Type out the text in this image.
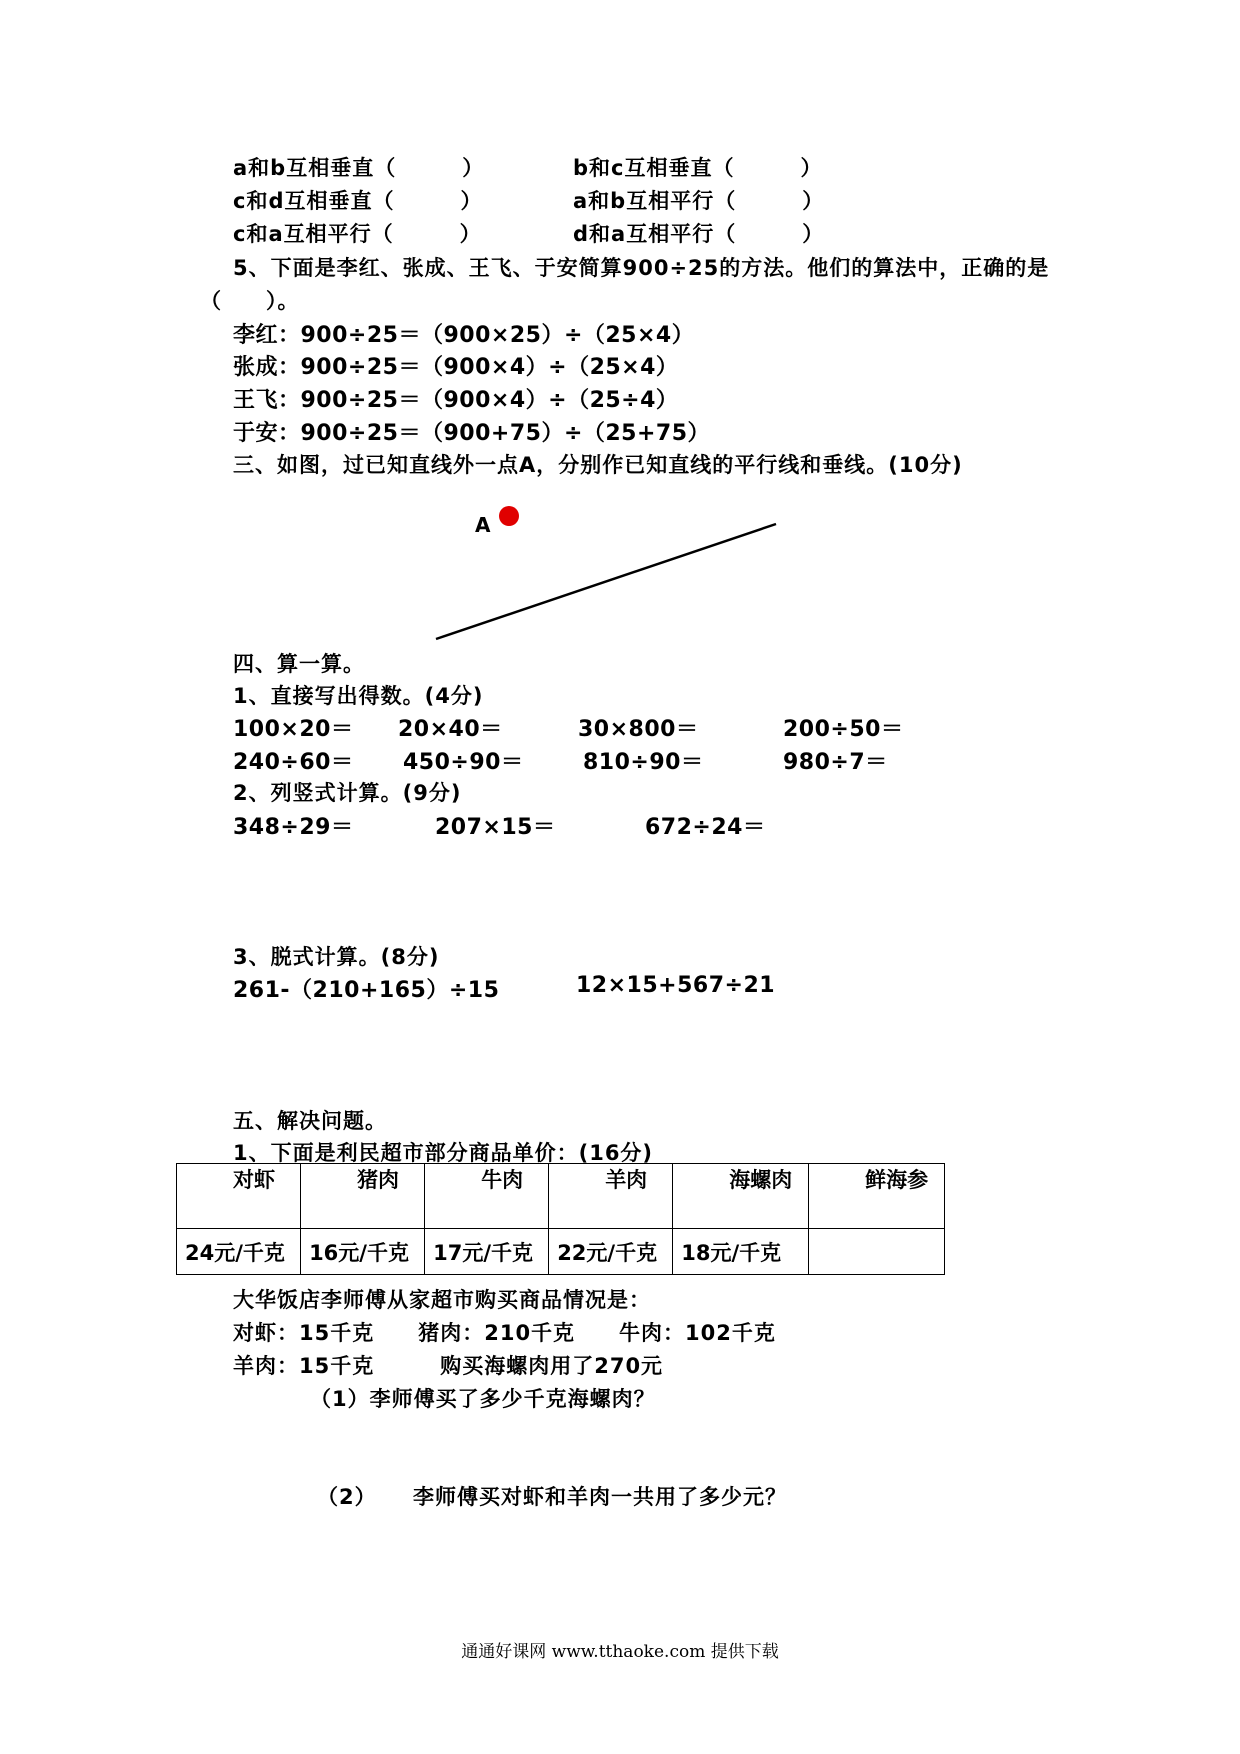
a和b互相垂直（　　　）	b和c互相垂直（　　　）
c和d互相垂直（　　　）	a和b互相平行（　　　）
c和a互相平行（　　　）	d和a互相平行（　　　）
5、下面是李红、张成、王飞、于安简算900÷25的方法。他们的算法中，正确的是
（　　）。
李红：900÷25＝（900×25）÷（25×4）
张成：900÷25＝（900×4）÷（25×4）
王飞：900÷25＝（900×4）÷（25÷4）
于安：900÷25＝（900+75）÷（25+75）
三、如图，过已知直线外一点A，分别作已知直线的平行线和垂线。(10分)
A
四、算一算。
1、直接写出得数。(4分)
100×20＝ 20×40＝	30×800＝	200÷50＝
240÷60＝ 450÷90＝	810÷90＝	980÷7＝
2、列竖式计算。(9分)
348÷29＝	207×15＝	672÷24＝
3、脱式计算。(8分)
261-（210+165）÷15	12×15+567÷21
五、解决问题。
1、下面是利民超市部分商品单价：(16分)
对虾	猪肉	牛肉	羊肉	海螺肉	鲜海参
24元/千克	16元/千克	17元/千克	22元/千克	18元/千克	
大华饭店李师傅从家超市购买商品情况是：
对虾：15千克　　猪肉：210千克　　牛肉：102千克
羊肉：15千克　　　购买海螺肉用了270元
（1）李师傅买了多少千克海螺肉？
（2） 李师傅买对虾和羊肉一共用了多少元？
通通好课网 www.tthaoke.com 提供下载
